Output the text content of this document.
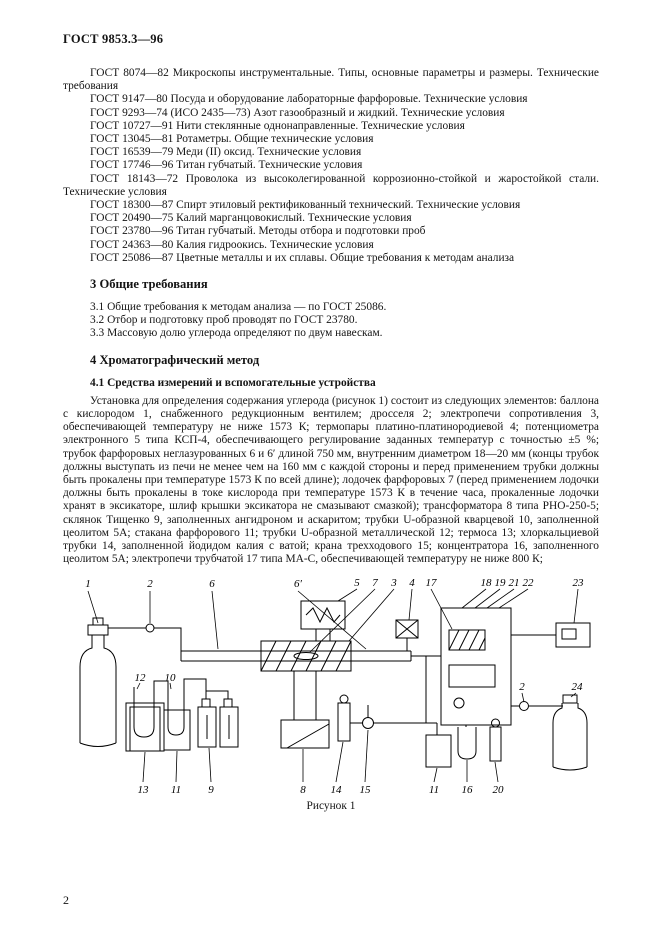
ГОСТ 9853.3—96

ГОСТ 8074—82 Микроскопы инструментальные. Типы, основные параметры и размеры. Технические требования

ГОСТ 9147—80 Посуда и оборудование лабораторные фарфоровые. Технические условия

ГОСТ 9293—74 (ИСО 2435—73) Азот газообразный и жидкий. Технические условия

ГОСТ 10727—91 Нити стеклянные однонаправленные. Технические условия

ГОСТ 13045—81 Ротаметры. Общие технические условия

ГОСТ 16539—79 Меди (II) оксид. Технические условия

ГОСТ 17746—96 Титан губчатый. Технические условия

ГОСТ 18143—72 Проволока из высоколегированной коррозионно-стойкой и жаростойкой стали. Технические условия

ГОСТ 18300—87 Спирт этиловый ректификованный технический. Технические условия

ГОСТ 20490—75 Калий марганцовокислый. Технические условия

ГОСТ 23780—96 Титан губчатый. Методы отбора и подготовки проб

ГОСТ 24363—80 Калия гидроокись. Технические условия

ГОСТ 25086—87 Цветные металлы и их сплавы. Общие требования к методам анализа

3 Общие требования

3.1 Общие требования к методам анализа — по ГОСТ 25086.

3.2 Отбор и подготовку проб проводят по ГОСТ 23780.

3.3 Массовую долю углерода определяют по двум навескам.

4 Хроматографический метод

4.1 Средства измерений и вспомогательные устройства

Установка для определения содержания углерода (рисунок 1) состоит из следующих элементов: баллона с кислородом 1, снабженного редукционным вентилем; дросселя 2; электропечи сопротивления 3, обеспечивающей температуру не ниже 1573 К; термопары платино-платинородиевой 4; потенциометра электронного 5 типа КСП-4, обеспечивающего регулирование заданных температур с точностью ±5 %; трубок фарфоровых неглазурованных 6 и 6′ длиной 750 мм, внутренним диаметром 18—20 мм (концы трубок должны выступать из печи не менее чем на 160 мм с каждой стороны и перед применением трубки должны быть прокалены при температуре 1573 К по всей длине); лодочек фарфоровых 7 (перед применением лодочки должны быть прокалены в токе кислорода при температуре 1573 К в течение часа, прокаленные лодочки хранят в эксикаторе, шлиф крышки эксикатора не смазывают смазкой); трансформатора 8 типа РНО-250-5; склянок Тищенко 9, заполненных ангидроном и аскаритом; трубки U-образной кварцевой 10, заполненной цеолитом 5А; стакана фарфорового 11; трубки U-образной металлической 12; термоса 13; хлоркальциевой трубки 14, заполненной йодидом калия с ватой; крана трехходового 15; концентратора 16, заполненного цеолитом 5А; электропечи трубчатой 17 типа МА-С, обеспечивающей температуру не ниже 800 К;

1	2	6	6′	5 7 3 4 17	18 19 21 22	23
12 10
2	24
13 11 9	8 14 15	11 16 20
Рисунок 1
2
